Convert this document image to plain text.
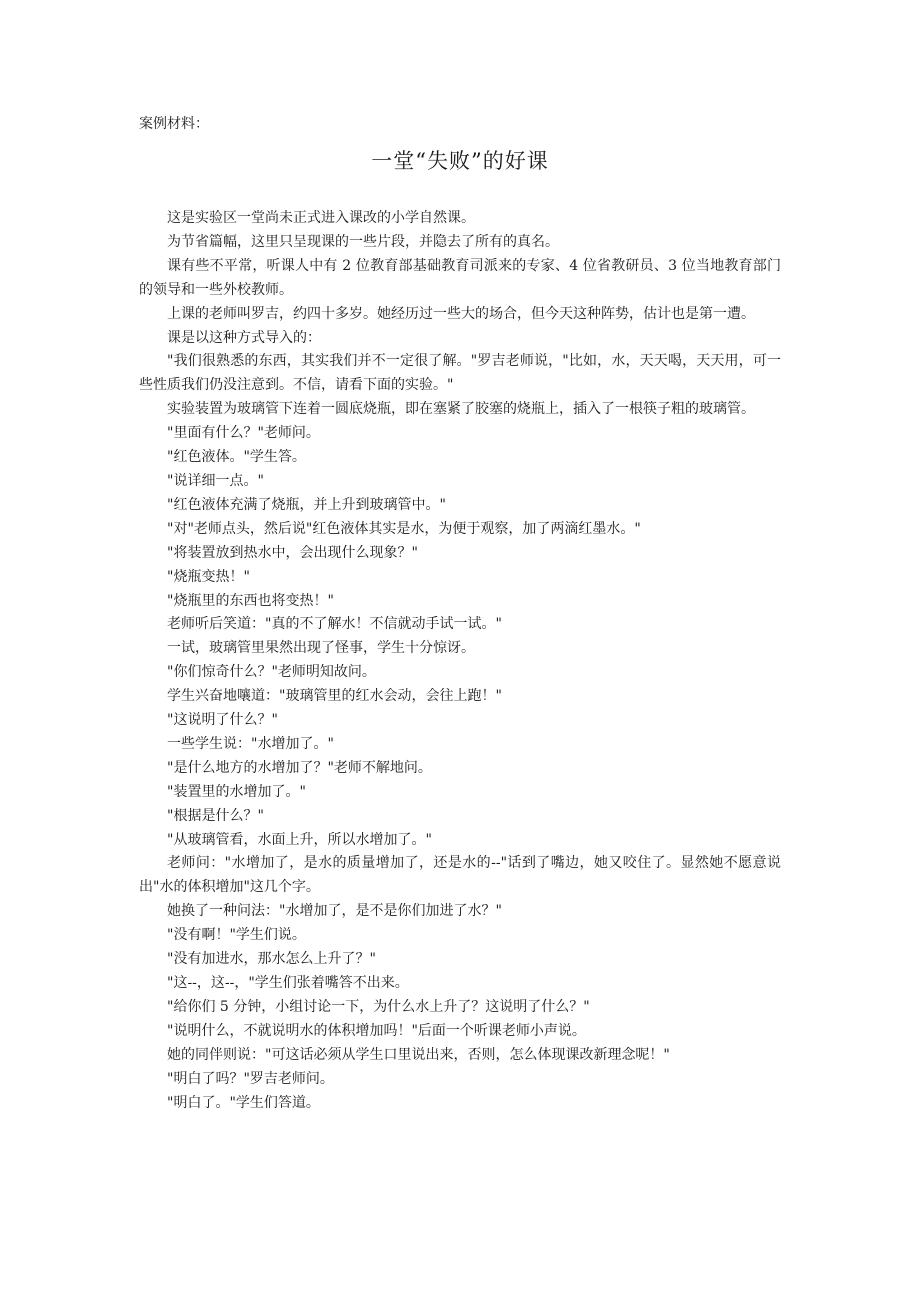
案例材料：
一堂“失败”的好课

这是实验区一堂尚未正式进入课改的小学自然课。

为节省篇幅，这里只呈现课的一些片段，并隐去了所有的真名。

课有些不平常，听课人中有 2 位教育部基础教育司派来的专家、4 位省教研员、3 位当地教育部门的领导和一些外校教师。

上课的老师叫罗吉，约四十多岁。她经历过一些大的场合，但今天这种阵势，估计也是第一遭。

课是以这种方式导入的：

"我们很熟悉的东西，其实我们并不一定很了解。"罗吉老师说，"比如，水，天天喝，天天用，可一些性质我们仍没注意到。不信，请看下面的实验。"

实验装置为玻璃管下连着一圆底烧瓶，即在塞紧了胶塞的烧瓶上，插入了一根筷子粗的玻璃管。

"里面有什么？"老师问。

"红色液体。"学生答。

"说详细一点。"

"红色液体充满了烧瓶，并上升到玻璃管中。"

"对"老师点头，然后说"红色液体其实是水，为便于观察，加了两滴红墨水。"

"将装置放到热水中，会出现什么现象？"

"烧瓶变热！"

"烧瓶里的东西也将变热！"

老师听后笑道："真的不了解水！不信就动手试一试。"

一试，玻璃管里果然出现了怪事，学生十分惊讶。

"你们惊奇什么？"老师明知故问。

学生兴奋地嚷道："玻璃管里的红水会动，会往上跑！"

"这说明了什么？"

一些学生说："水增加了。"

"是什么地方的水增加了？"老师不解地问。

"装置里的水增加了。"

"根据是什么？"

"从玻璃管看，水面上升，所以水增加了。"

老师问："水增加了，是水的质量增加了，还是水的--"话到了嘴边，她又咬住了。显然她不愿意说出"水的体积增加"这几个字。

她换了一种问法："水增加了，是不是你们加进了水？"

"没有啊！"学生们说。

"没有加进水，那水怎么上升了？"

"这--，这--，"学生们张着嘴答不出来。

"给你们 5 分钟，小组讨论一下，为什么水上升了？这说明了什么？"

"说明什么，不就说明水的体积增加吗！"后面一个听课老师小声说。

她的同伴则说："可这话必须从学生口里说出来，否则，怎么体现课改新理念呢！"

"明白了吗？"罗吉老师问。

"明白了。"学生们答道。
